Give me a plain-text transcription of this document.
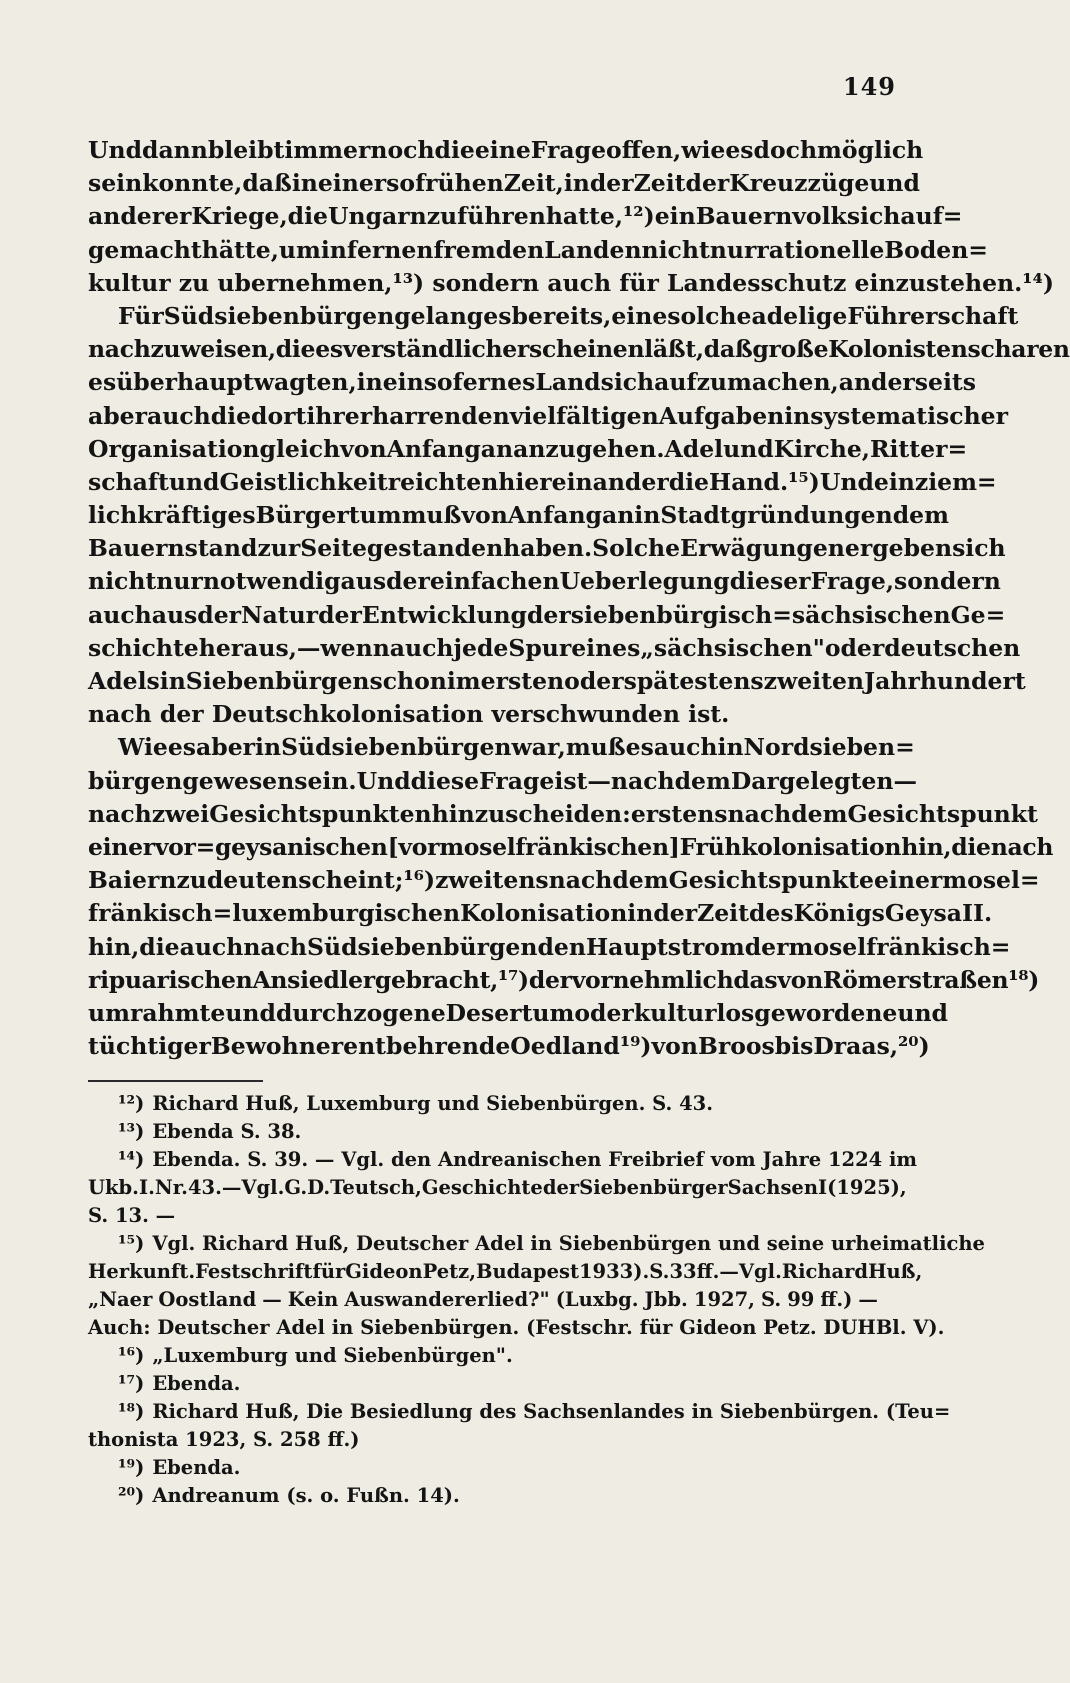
149
Und dann bleibt immer noch die eine Frage offen, wie es doch möglich
sein konnte, daß in einer so frühen Zeit, in der Zeit der Kreuzzüge und
anderer Kriege, die Ungarn zu führen hatte,¹²) ein Bauernvolk sich auf=
gemacht hätte, um in fernen fremden Landen nicht nur rationelle Boden=
kultur zu ubernehmen,¹³) sondern auch für Landesschutz einzustehen.¹⁴)
Für Südsiebenbürgen gelang es bereits, eine solche adelige Führerschaft
nachzuweisen, die es verständlich erscheinen läßt, daß große Kolonistenscharen
es überhaupt wagten, in ein so fernes Land sich aufzumachen, anderseits
aber auch die dort ihrer harrenden vielfältigen Aufgaben in systematischer
Organisation gleich von Anfang an anzugehen. Adel und Kirche, Ritter=
schaft und Geistlichkeit reichten hier einander die Hand.¹⁵) Und ein ziem=
lich kräftiges Bürgertum muß von Anfang an in Stadtgründungen dem
Bauernstand zur Seite gestanden haben. Solche Erwägungen ergeben sich
nicht nur notwendig aus der einfachen Ueberlegung dieser Frage, sondern
auch aus der Natur der Entwicklung der siebenbürgisch=sächsischen Ge=
schichte heraus, — wenn auch jede Spur eines „sächsischen" oder deutschen
Adels in Siebenbürgen schon im ersten oder spätestens zweiten Jahrhundert
nach der Deutschkolonisation verschwunden ist.
Wie es aber in Südsiebenbürgen war, muß es auch in Nordsieben=
bürgen gewesen sein. Und diese Frage ist — nach dem Dargelegten —
nach zwei Gesichtspunkten hin zu scheiden: erstens nach dem Gesichtspunkt
einer vor=geysanischen [vormoselfränkischen] Frühkolonisation hin, die nach
Baiern zu deuten scheint;¹⁶) zweitens nach dem Gesichtspunkte einer mosel=
fränkisch=luxemburgischen Kolonisation in der Zeit des Königs Geysa II.
hin, die auch nach Südsiebenbürgen den Hauptstrom der moselfränkisch=
ripuarischen Ansiedler gebracht,¹⁷) der vornehmlich das von Römerstraßen¹⁸)
umrahmte und durchzogene Desertum oder kulturlos gewordene und
tüchtiger Bewohner entbehrende Oedland¹⁹) von Broos bis Draas,²⁰)
¹²) Richard Huß, Luxemburg und Siebenbürgen. S. 43.
¹³) Ebenda S. 38.
¹⁴) Ebenda. S. 39. — Vgl. den Andreanischen Freibrief vom Jahre 1224 im
Ukb. I. Nr. 43. — Vgl. G.D. Teutsch, Geschichte der Siebenbürger Sachsen I (1925),
S. 13. —
¹⁵) Vgl. Richard Huß, Deutscher Adel in Siebenbürgen und seine urheimatliche
Herkunft. Festschrift für Gideon Petz, Budapest 1933). S. 33 ff. — Vgl. Richard Huß,
„Naer Oostland — Kein Auswandererlied?" (Luxbg. Jbb. 1927, S. 99 ff.) —
Auch: Deutscher Adel in Siebenbürgen. (Festschr. für Gideon Petz. DUHBl. V).
¹⁶) „Luxemburg und Siebenbürgen".
¹⁷) Ebenda.
¹⁸) Richard Huß, Die Besiedlung des Sachsenlandes in Siebenbürgen. (Teu=
thonista 1923, S. 258 ff.)
¹⁹) Ebenda.
²⁰) Andreanum (s. o. Fußn. 14).
